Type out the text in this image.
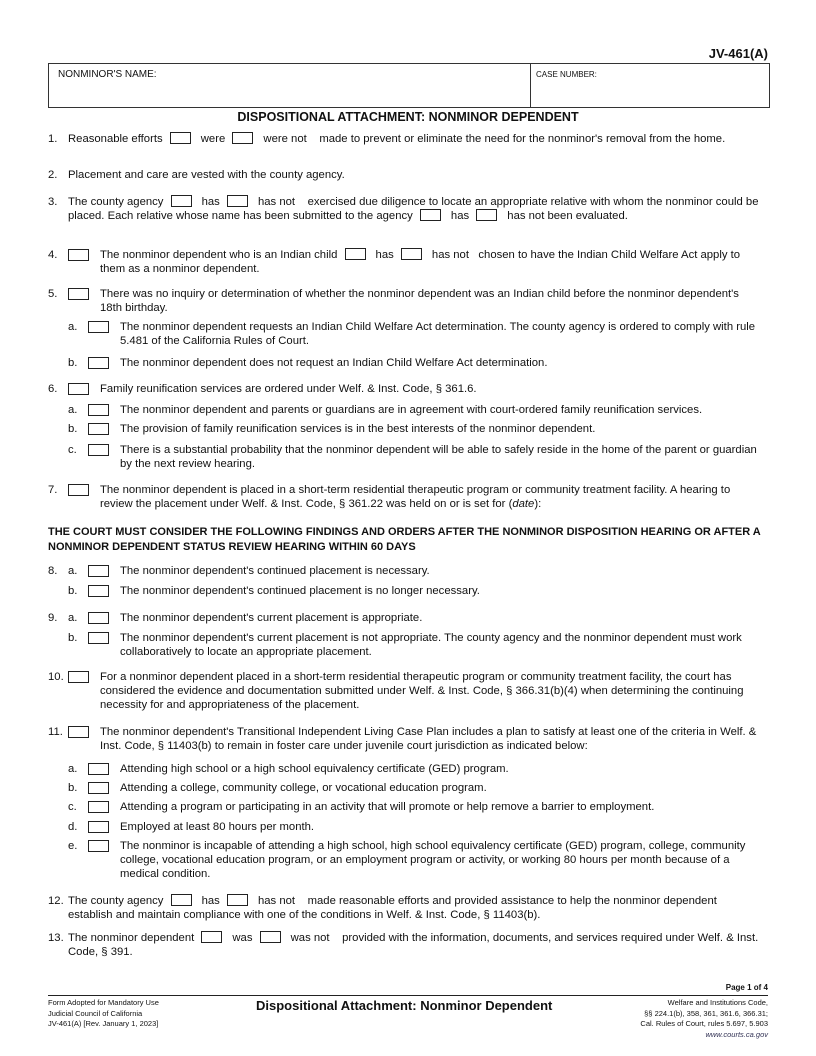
JV-461(A)
NONMINOR'S NAME:	CASE NUMBER:
DISPOSITIONAL ATTACHMENT: NONMINOR DEPENDENT
1. Reasonable efforts	were	were not made to prevent or eliminate the need for the nonminor's removal from the home.
2. Placement and care are vested with the county agency.
3. The county agency	has	has not exercised due diligence to locate an appropriate relative with whom the nonminor could be placed. Each relative whose name has been submitted to the agency	has	has not been evaluated.
4.	The nonminor dependent who is an Indian child	has	has not chosen to have the Indian Child Welfare Act apply to them as a nonminor dependent.
5.	There was no inquiry or determination of whether the nonminor dependent was an Indian child before the nonminor dependent's 18th birthday.
a.	The nonminor dependent requests an Indian Child Welfare Act determination. The county agency is ordered to comply with rule 5.481 of the California Rules of Court.
b.	The nonminor dependent does not request an Indian Child Welfare Act determination.
6.	Family reunification services are ordered under Welf. & Inst. Code, § 361.6.
a.	The nonminor dependent and parents or guardians are in agreement with court-ordered family reunification services.
b.	The provision of family reunification services is in the best interests of the nonminor dependent.
c.	There is a substantial probability that the nonminor dependent will be able to safely reside in the home of the parent or guardian by the next review hearing.
7.	The nonminor dependent is placed in a short-term residential therapeutic program or community treatment facility. A hearing to review the placement under Welf. & Inst. Code, § 361.22 was held on or is set for (date):
THE COURT MUST CONSIDER THE FOLLOWING FINDINGS AND ORDERS AFTER THE NONMINOR DISPOSITION HEARING OR AFTER A NONMINOR DEPENDENT STATUS REVIEW HEARING WITHIN 60 DAYS
8. a.	The nonminor dependent's continued placement is necessary.
b.	The nonminor dependent's continued placement is no longer necessary.
9. a.	The nonminor dependent's current placement is appropriate.
b.	The nonminor dependent's current placement is not appropriate. The county agency and the nonminor dependent must work collaboratively to locate an appropriate placement.
10.	For a nonminor dependent placed in a short-term residential therapeutic program or community treatment facility, the court has considered the evidence and documentation submitted under Welf. & Inst. Code, § 366.31(b)(4) when determining the continuing necessity for and appropriateness of the placement.
11.	The nonminor dependent's Transitional Independent Living Case Plan includes a plan to satisfy at least one of the criteria in Welf. & Inst. Code, § 11403(b) to remain in foster care under juvenile court jurisdiction as indicated below:
a.	Attending high school or a high school equivalency certificate (GED) program.
b.	Attending a college, community college, or vocational education program.
c.	Attending a program or participating in an activity that will promote or help remove a barrier to employment.
d.	Employed at least 80 hours per month.
e.	The nonminor is incapable of attending a high school, high school equivalency certificate (GED) program, college, community college, vocational education program, or an employment program or activity, or working 80 hours per month because of a medical condition.
12. The county agency	has	has not made reasonable efforts and provided assistance to help the nonminor dependent establish and maintain compliance with one of the conditions in Welf. & Inst. Code, § 11403(b).
13. The nonminor dependent	was	was not provided with the information, documents, and services required under Welf. & Inst. Code, § 391.
Page 1 of 4
Form Adopted for Mandatory Use
Judicial Council of California
JV-461(A) [Rev. January 1, 2023]
Dispositional Attachment: Nonminor Dependent	Welfare and Institutions Code,
§§ 224.1(b), 358, 361, 361.6, 366.31;
Cal. Rules of Court, rules 5.697, 5.903
www.courts.ca.gov
